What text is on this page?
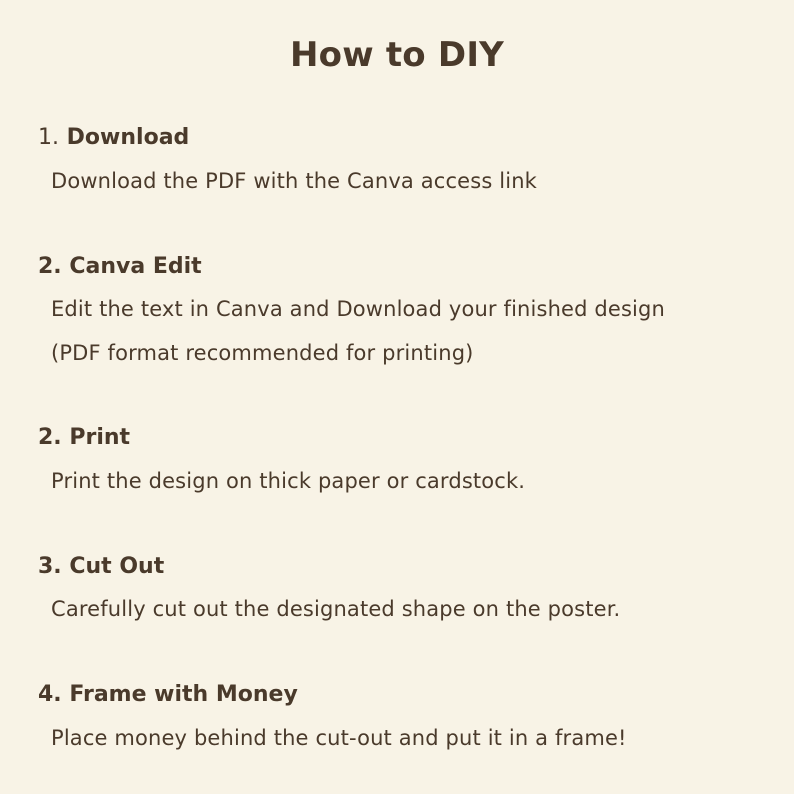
How to DIY
1. Download
Download the PDF with the Canva access link
2. Canva Edit
Edit the text in Canva and Download your finished design
(PDF format recommended for printing)
2. Print
Print the design on thick paper or cardstock.
3. Cut Out
Carefully cut out the designated shape on the poster.
4. Frame with Money
Place money behind the cut-out and put it in a frame!
